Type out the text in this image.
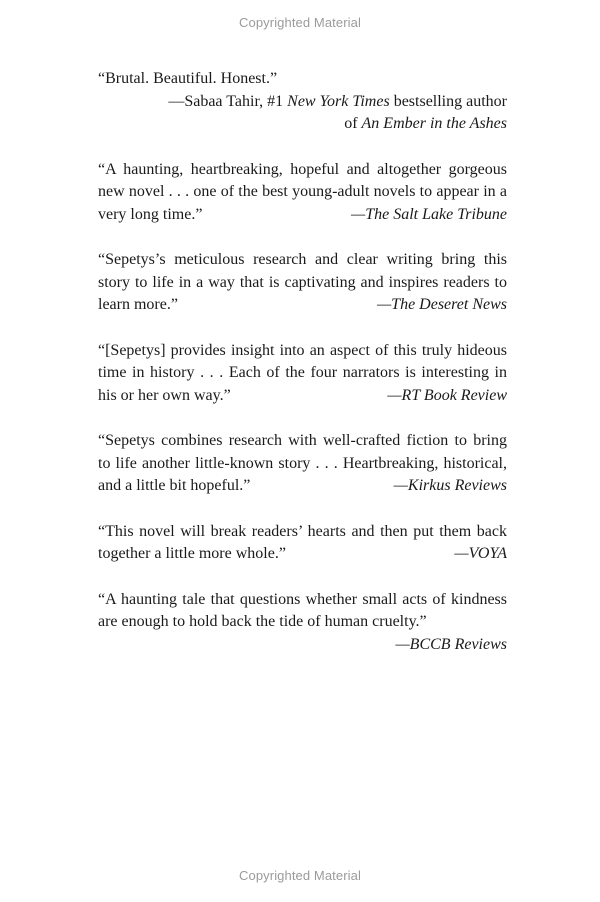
Copyrighted Material
“Brutal. Beautiful. Honest.”
—Sabaa Tahir, #1 New York Times bestselling author
of An Ember in the Ashes
“A haunting, heartbreaking, hopeful and altogether gorgeous new novel . . . one of the best young-adult novels to appear in a very long time.”	—The Salt Lake Tribune
“Sepetys’s meticulous research and clear writing bring this story to life in a way that is captivating and inspires readers to learn more.”	—The Deseret News
“[Sepetys] provides insight into an aspect of this truly hideous time in history . . . Each of the four narrators is interesting in his or her own way.”	—RT Book Review
“Sepetys combines research with well-crafted fiction to bring to life another little-known story . . . Heartbreaking, historical, and a little bit hopeful.”	—Kirkus Reviews
“This novel will break readers’ hearts and then put them back together a little more whole.”	—VOYA
“A haunting tale that questions whether small acts of kindness are enough to hold back the tide of human cruelty.”
—BCCB Reviews
Copyrighted Material
